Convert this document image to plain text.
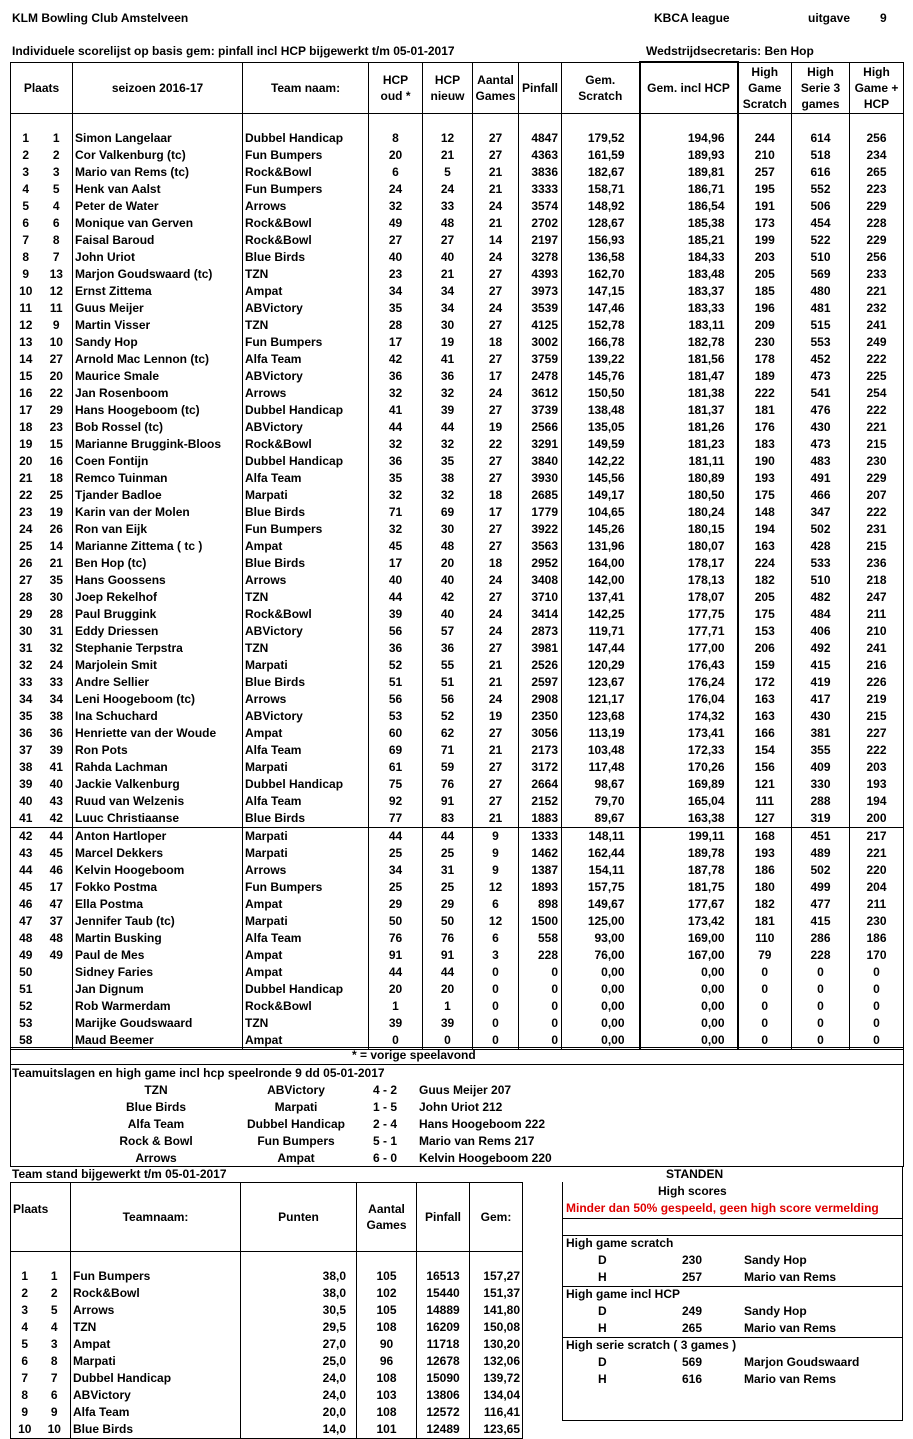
KLM Bowling Club Amstelveen	KBCA league	uitgave 9
Individuele scorelijst op basis gem: pinfall incl HCP bijgewerkt t/m 05-01-2017	Wedstrijdsecretaris: Ben Hop
Plaats		seizoen 2016-17	Team naam:	HCP oud *	HCP nieuw	Aantal Games	Pinfall	Gem. Scratch	Gem. incl HCP	High Game Scratch	High Serie 3 games	High Game + HCP

1	1	Simon Langelaar	Dubbel Handicap	8	12	27	4847	179,52	194,96	244	614	256
2	2	Cor Valkenburg (tc)	Fun Bumpers	20	21	27	4363	161,59	189,93	210	518	234
3	3	Mario van Rems (tc)	Rock&Bowl	6	5	21	3836	182,67	189,81	257	616	265
4	5	Henk van Aalst	Fun Bumpers	24	24	21	3333	158,71	186,71	195	552	223
5	4	Peter de Water	Arrows	32	33	24	3574	148,92	186,54	191	506	229
6	6	Monique van Gerven	Rock&Bowl	49	48	21	2702	128,67	185,38	173	454	228
7	8	Faisal Baroud	Rock&Bowl	27	27	14	2197	156,93	185,21	199	522	229
8	7	John Uriot	Blue Birds	40	40	24	3278	136,58	184,33	203	510	256
9	13	Marjon Goudswaard (tc)	TZN	23	21	27	4393	162,70	183,48	205	569	233
10	12	Ernst Zittema	Ampat	34	34	27	3973	147,15	183,37	185	480	221
11	11	Guus Meijer	ABVictory	35	34	24	3539	147,46	183,33	196	481	232
12	9	Martin Visser	TZN	28	30	27	4125	152,78	183,11	209	515	241
13	10	Sandy Hop	Fun Bumpers	17	19	18	3002	166,78	182,78	230	553	249
14	27	Arnold Mac Lennon (tc)	Alfa Team	42	41	27	3759	139,22	181,56	178	452	222
15	20	Maurice Smale	ABVictory	36	36	17	2478	145,76	181,47	189	473	225
16	22	Jan Rosenboom	Arrows	32	32	24	3612	150,50	181,38	222	541	254
17	29	Hans Hoogeboom (tc)	Dubbel Handicap	41	39	27	3739	138,48	181,37	181	476	222
18	23	Bob Rossel (tc)	ABVictory	44	44	19	2566	135,05	181,26	176	430	221
19	15	Marianne Bruggink-Bloos	Rock&Bowl	32	32	22	3291	149,59	181,23	183	473	215
20	16	Coen Fontijn	Dubbel Handicap	36	35	27	3840	142,22	181,11	190	483	230
21	18	Remco Tuinman	Alfa Team	35	38	27	3930	145,56	180,89	193	491	229
22	25	Tjander Badloe	Marpati	32	32	18	2685	149,17	180,50	175	466	207
23	19	Karin van der Molen	Blue Birds	71	69	17	1779	104,65	180,24	148	347	222
24	26	Ron van Eijk	Fun Bumpers	32	30	27	3922	145,26	180,15	194	502	231
25	14	Marianne Zittema ( tc )	Ampat	45	48	27	3563	131,96	180,07	163	428	215
26	21	Ben Hop (tc)	Blue Birds	17	20	18	2952	164,00	178,17	224	533	236
27	35	Hans Goossens	Arrows	40	40	24	3408	142,00	178,13	182	510	218
28	30	Joep Rekelhof	TZN	44	42	27	3710	137,41	178,07	205	482	247
29	28	Paul Bruggink	Rock&Bowl	39	40	24	3414	142,25	177,75	175	484	211
30	31	Eddy Driessen	ABVictory	56	57	24	2873	119,71	177,71	153	406	210
31	32	Stephanie Terpstra	TZN	36	36	27	3981	147,44	177,00	206	492	241
32	24	Marjolein Smit	Marpati	52	55	21	2526	120,29	176,43	159	415	216
33	33	Andre Sellier	Blue Birds	51	51	21	2597	123,67	176,24	172	419	226
34	34	Leni Hoogeboom (tc)	Arrows	56	56	24	2908	121,17	176,04	163	417	219
35	38	Ina Schuchard	ABVictory	53	52	19	2350	123,68	174,32	163	430	215
36	36	Henriette van der Woude	Ampat	60	62	27	3056	113,19	173,41	166	381	227
37	39	Ron Pots	Alfa Team	69	71	21	2173	103,48	172,33	154	355	222
38	41	Rahda Lachman	Marpati	61	59	27	3172	117,48	170,26	156	409	203
39	40	Jackie Valkenburg	Dubbel Handicap	75	76	27	2664	98,67	169,89	121	330	193
40	43	Ruud van Welzenis	Alfa Team	92	91	27	2152	79,70	165,04	111	288	194
41	42	Luuc Christiaanse	Blue Birds	77	83	21	1883	89,67	163,38	127	319	200
42	44	Anton Hartloper	Marpati	44	44	9	1333	148,11	199,11	168	451	217
43	45	Marcel Dekkers	Marpati	25	25	9	1462	162,44	189,78	193	489	221
44	46	Kelvin Hoogeboom	Arrows	34	31	9	1387	154,11	187,78	186	502	220
45	17	Fokko Postma	Fun Bumpers	25	25	12	1893	157,75	181,75	180	499	204
46	47	Ella Postma	Ampat	29	29	6	898	149,67	177,67	182	477	211
47	37	Jennifer Taub (tc)	Marpati	50	50	12	1500	125,00	173,42	181	415	230
48	48	Martin Busking	Alfa Team	76	76	6	558	93,00	169,00	110	286	186
49	49	Paul de Mes	Ampat	91	91	3	228	76,00	167,00	79	228	170
50		Sidney Faries	Ampat	44	44	0	0	0,00	0,00	0	0	0
51		Jan Dignum	Dubbel Handicap	20	20	0	0	0,00	0,00	0	0	0
52		Rob Warmerdam	Rock&Bowl	1	1	0	0	0,00	0,00	0	0	0
53		Marijke Goudswaard	TZN	39	39	0	0	0,00	0,00	0	0	0
58		Maud Beemer	Ampat	0	0	0	0	0,00	0,00	0	0	0
* = vorige speelavond
Teamuitslagen en high game incl hcp speelronde 9 dd 05-01-2017
TZN	ABVictory	4 - 2	Guus Meijer 207
Blue Birds	Marpati	1 - 5	John Uriot 212
Alfa Team	Dubbel Handicap	2 - 4	Hans Hoogeboom 222
Rock & Bowl	Fun Bumpers	5 - 1	Mario van Rems 217
Arrows	Ampat	6 - 0	Kelvin Hoogeboom 220
Team stand bijgewerkt t/m 05-01-2017	STANDEN
Plaats		Teamnaam:	Punten	Aantal Games	Pinfall	Gem:

1	1	Fun Bumpers	38,0	105	16513	157,27
2	2	Rock&Bowl	38,0	102	15440	151,37
3	5	Arrows	30,5	105	14889	141,80
4	4	TZN	29,5	108	16209	150,08
5	3	Ampat	27,0	90	11718	130,20
6	8	Marpati	25,0	96	12678	132,06
7	7	Dubbel Handicap	24,0	108	15090	139,72
8	6	ABVictory	24,0	103	13806	134,04
9	9	Alfa Team	20,0	108	12572	116,41
10	10	Blue Birds	14,0	101	12489	123,65
High scores
Minder dan 50% gespeeld, geen high score vermelding
High game scratch
D	230	Sandy Hop
H	257	Mario van Rems
High game incl HCP
D	249	Sandy Hop
H	265	Mario van Rems
High serie scratch ( 3 games )
D	569	Marjon Goudswaard
H	616	Mario van Rems
